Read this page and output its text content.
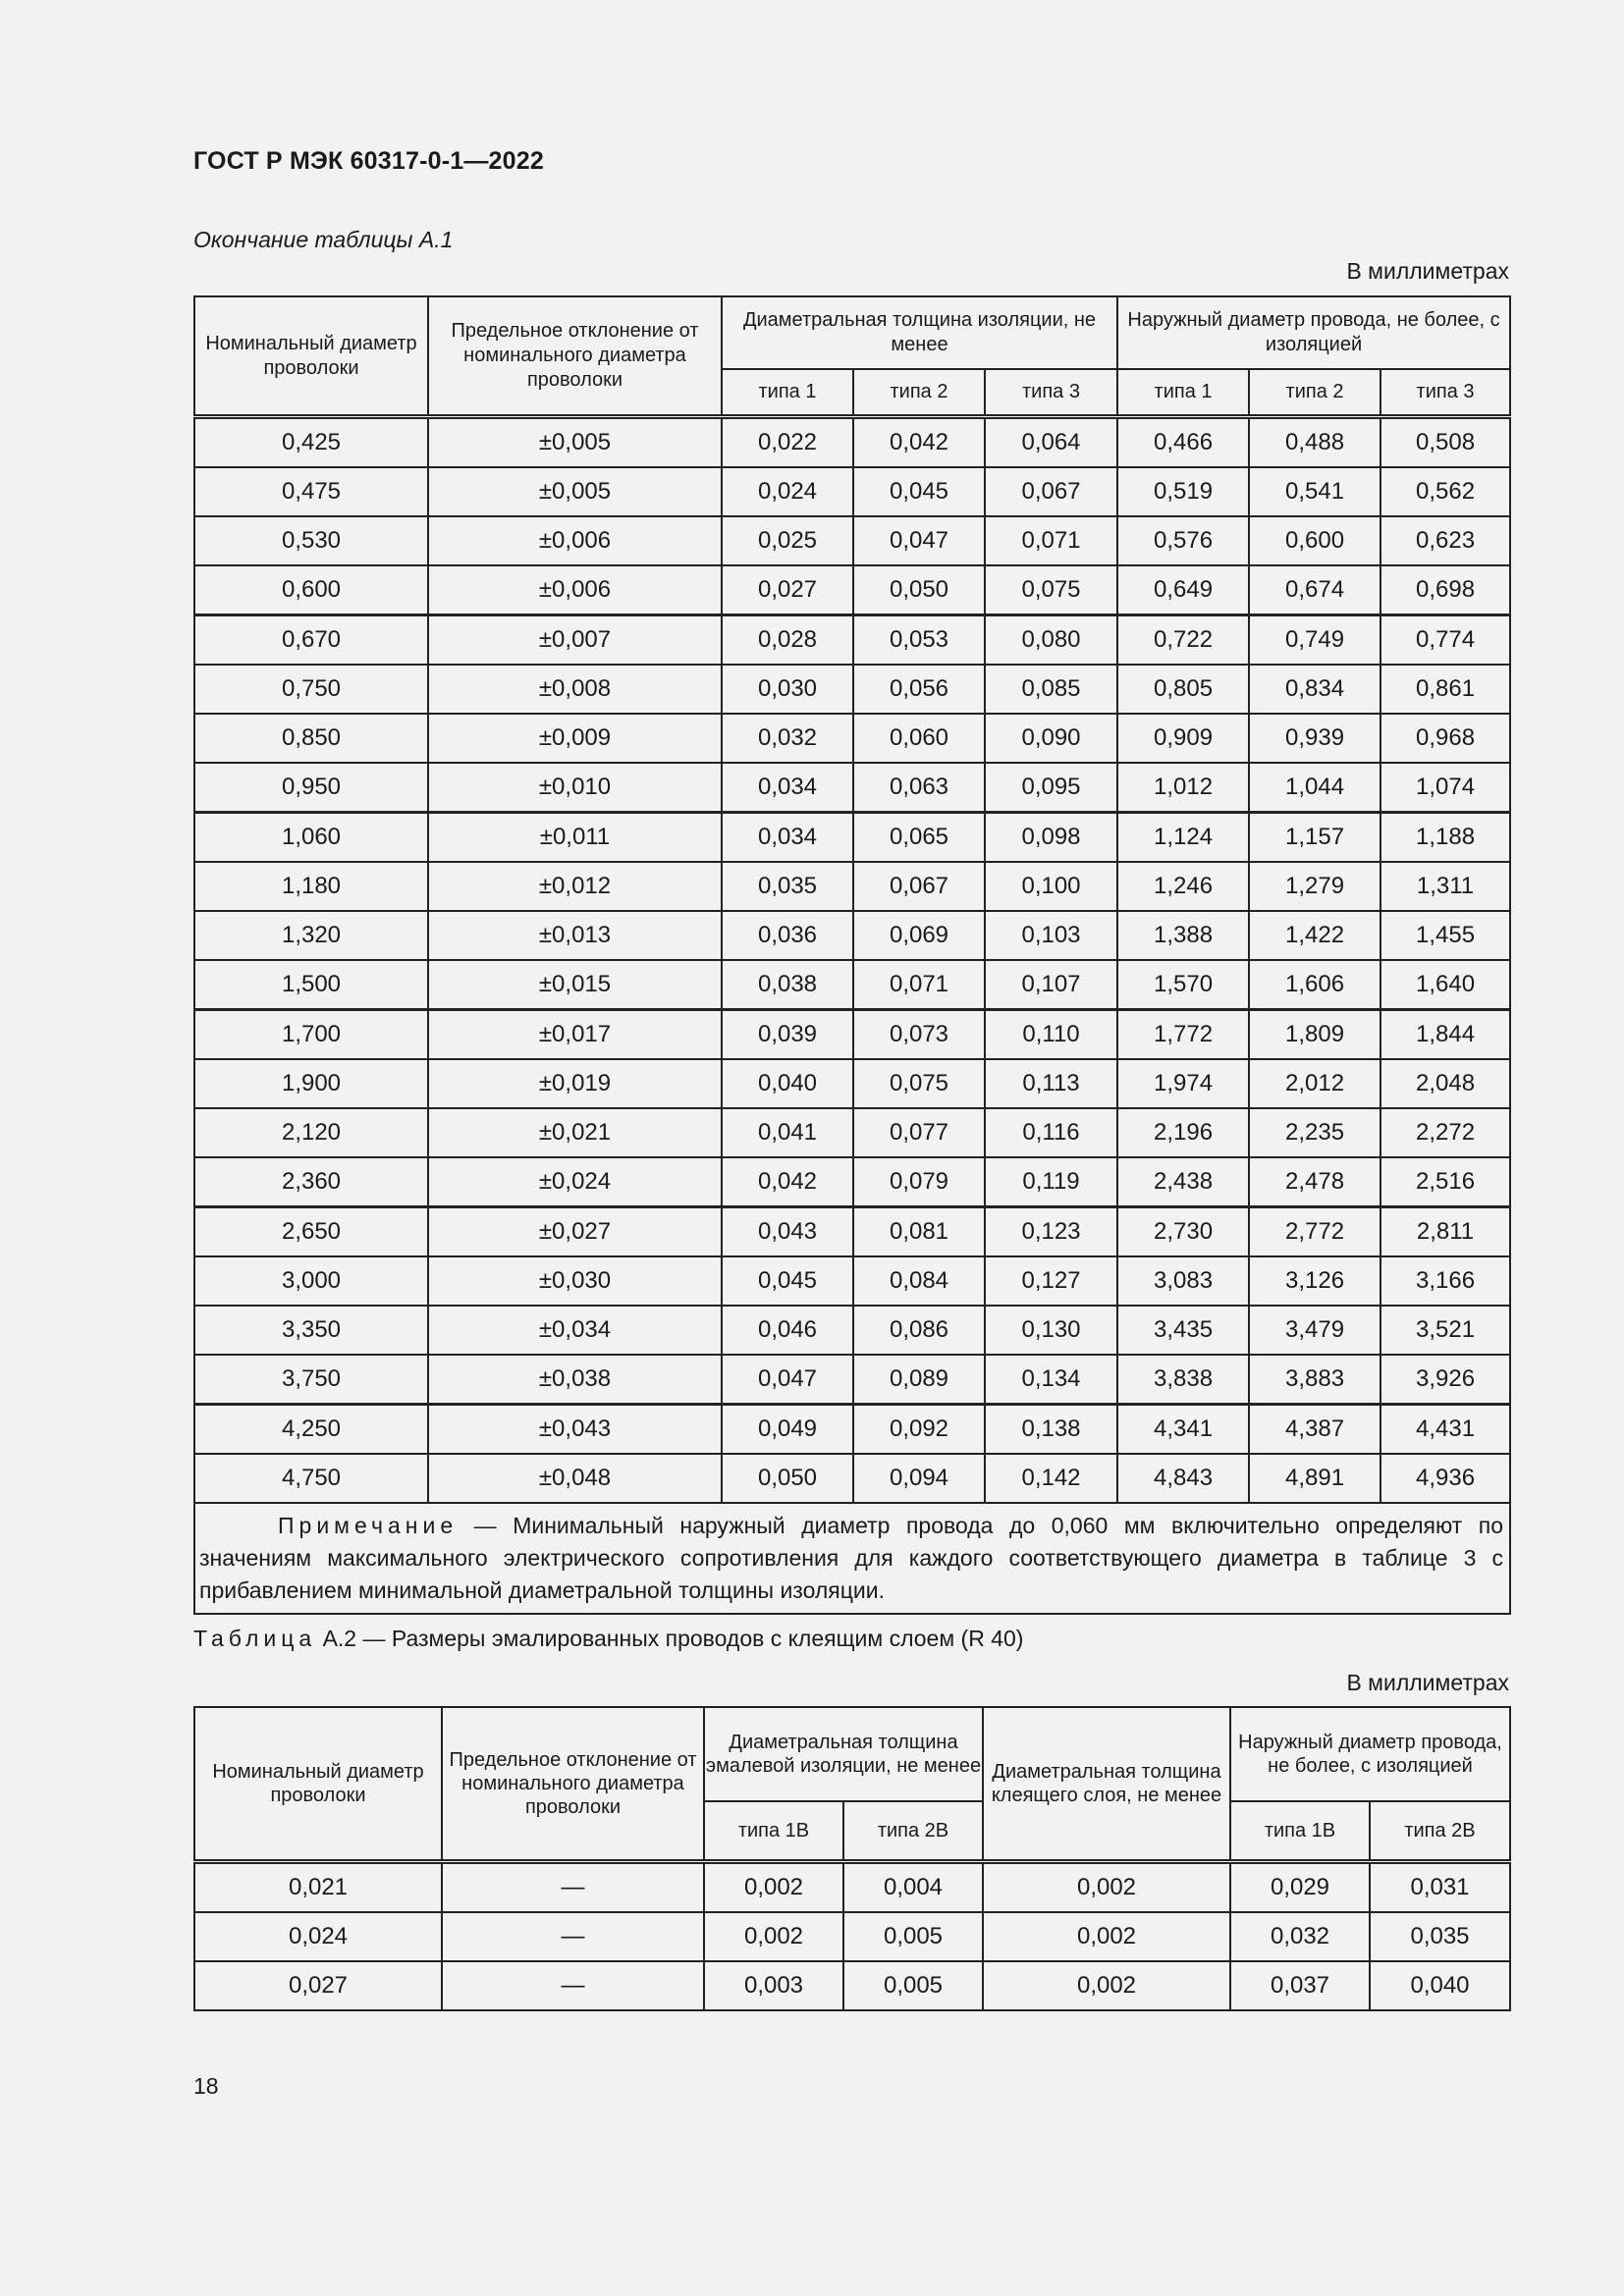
ГОСТ Р МЭК 60317-0-1—2022
Окончание таблицы А.1
В миллиметрах
Номинальный диаметр проволоки	Предельное отклонение от номинального диаметра проволоки	Диаметральная толщина изоляции, не менее			Наружный диаметр провода, не более, с изоляцией		
		типа 1	типа 2	типа 3	типа 1	типа 2	типа 3
0,425	±0,005	0,022	0,042	0,064	0,466	0,488	0,508
0,475	±0,005	0,024	0,045	0,067	0,519	0,541	0,562
0,530	±0,006	0,025	0,047	0,071	0,576	0,600	0,623
0,600	±0,006	0,027	0,050	0,075	0,649	0,674	0,698
0,670	±0,007	0,028	0,053	0,080	0,722	0,749	0,774
0,750	±0,008	0,030	0,056	0,085	0,805	0,834	0,861
0,850	±0,009	0,032	0,060	0,090	0,909	0,939	0,968
0,950	±0,010	0,034	0,063	0,095	1,012	1,044	1,074
1,060	±0,011	0,034	0,065	0,098	1,124	1,157	1,188
1,180	±0,012	0,035	0,067	0,100	1,246	1,279	1,311
1,320	±0,013	0,036	0,069	0,103	1,388	1,422	1,455
1,500	±0,015	0,038	0,071	0,107	1,570	1,606	1,640
1,700	±0,017	0,039	0,073	0,110	1,772	1,809	1,844
1,900	±0,019	0,040	0,075	0,113	1,974	2,012	2,048
2,120	±0,021	0,041	0,077	0,116	2,196	2,235	2,272
2,360	±0,024	0,042	0,079	0,119	2,438	2,478	2,516
2,650	±0,027	0,043	0,081	0,123	2,730	2,772	2,811
3,000	±0,030	0,045	0,084	0,127	3,083	3,126	3,166
3,350	±0,034	0,046	0,086	0,130	3,435	3,479	3,521
3,750	±0,038	0,047	0,089	0,134	3,838	3,883	3,926
4,250	±0,043	0,049	0,092	0,138	4,341	4,387	4,431
4,750	±0,048	0,050	0,094	0,142	4,843	4,891	4,936
Примечание — Минимальный наружный диаметр провода до 0,060 мм включительно определяют по значениям максимального электрического сопротивления для каждого соответствующего диаметра в таблице 3 с прибавлением минимальной диаметральной толщины изоляции.							
Таблица А.2 — Размеры эмалированных проводов с клеящим слоем (R 40)
В миллиметрах
Номинальный диаметр проволоки	Предельное отклонение от номинального диаметра проволоки	Диаметральная толщина эмалевой изоляции, не менее		Диаметральная толщина клеящего слоя, не менее	Наружный диаметр провода, не более, с изоляцией	
		типа 1В	типа 2В		типа 1В	типа 2В
0,021	—	0,002	0,004	0,002	0,029	0,031
0,024	—	0,002	0,005	0,002	0,032	0,035
0,027	—	0,003	0,005	0,002	0,037	0,040
18
